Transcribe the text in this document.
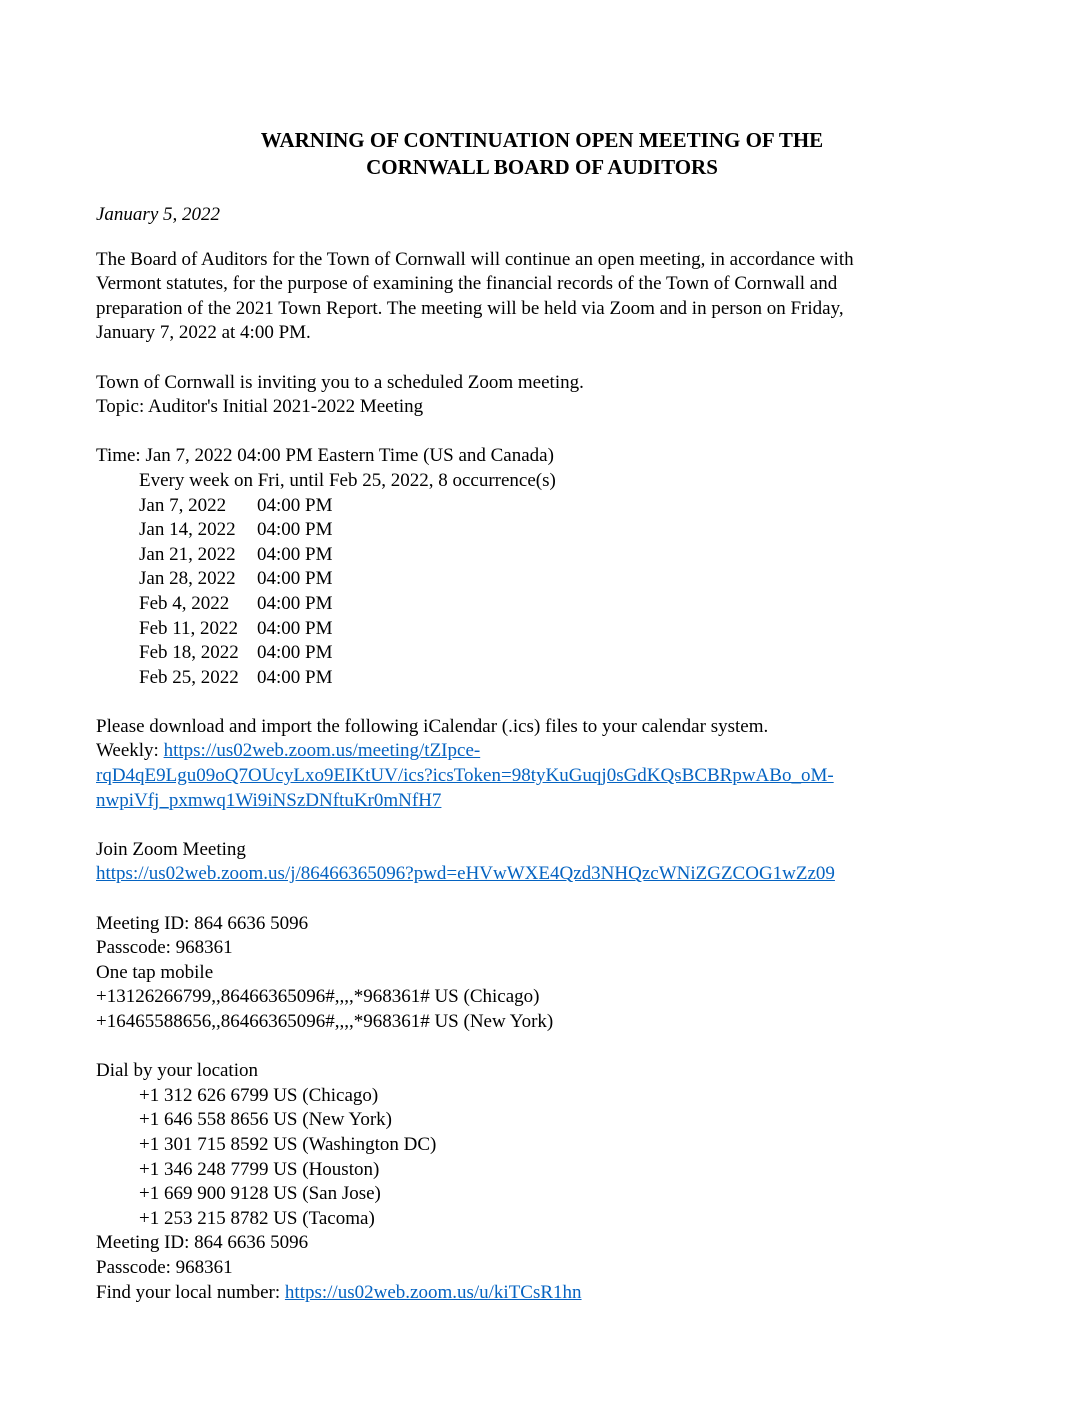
WARNING OF CONTINUATION OPEN MEETING OF THE
CORNWALL BOARD OF AUDITORS
January 5, 2022
The Board of Auditors for the Town of Cornwall will continue an open meeting, in accordance with
Vermont statutes, for the purpose of examining the financial records of the Town of Cornwall and
preparation of the 2021 Town Report. The meeting will be held via Zoom and in person on Friday,
January 7, 2022 at 4:00 PM.
Town of Cornwall is inviting you to a scheduled Zoom meeting.
Topic: Auditor's Initial 2021-2022 Meeting
Time: Jan 7, 2022 04:00 PM Eastern Time (US and Canada)
Every week on Fri, until Feb 25, 2022, 8 occurrence(s)
Jan 7, 2022 04:00 PM
Jan 14, 2022 04:00 PM
Jan 21, 2022 04:00 PM
Jan 28, 2022 04:00 PM
Feb 4, 2022 04:00 PM
Feb 11, 2022 04:00 PM
Feb 18, 2022 04:00 PM
Feb 25, 2022 04:00 PM
Please download and import the following iCalendar (.ics) files to your calendar system.
Weekly: https://us02web.zoom.us/meeting/tZIpce-
rqD4qE9Lgu09oQ7OUcyLxo9EIKtUV/ics?icsToken=98tyKuGuqj0sGdKQsBCBRpwABo_oM-
nwpiVfj_pxmwq1Wi9iNSzDNftuKr0mNfH7
Join Zoom Meeting
https://us02web.zoom.us/j/86466365096?pwd=eHVwWXE4Qzd3NHQzcWNiZGZCOG1wZz09
Meeting ID: 864 6636 5096
Passcode: 968361
One tap mobile
+13126266799,,86466365096#,,,,*968361# US (Chicago)
+16465588656,,86466365096#,,,,*968361# US (New York)
Dial by your location
+1 312 626 6799 US (Chicago)
+1 646 558 8656 US (New York)
+1 301 715 8592 US (Washington DC)
+1 346 248 7799 US (Houston)
+1 669 900 9128 US (San Jose)
+1 253 215 8782 US (Tacoma)
Meeting ID: 864 6636 5096
Passcode: 968361
Find your local number: https://us02web.zoom.us/u/kiTCsR1hn
